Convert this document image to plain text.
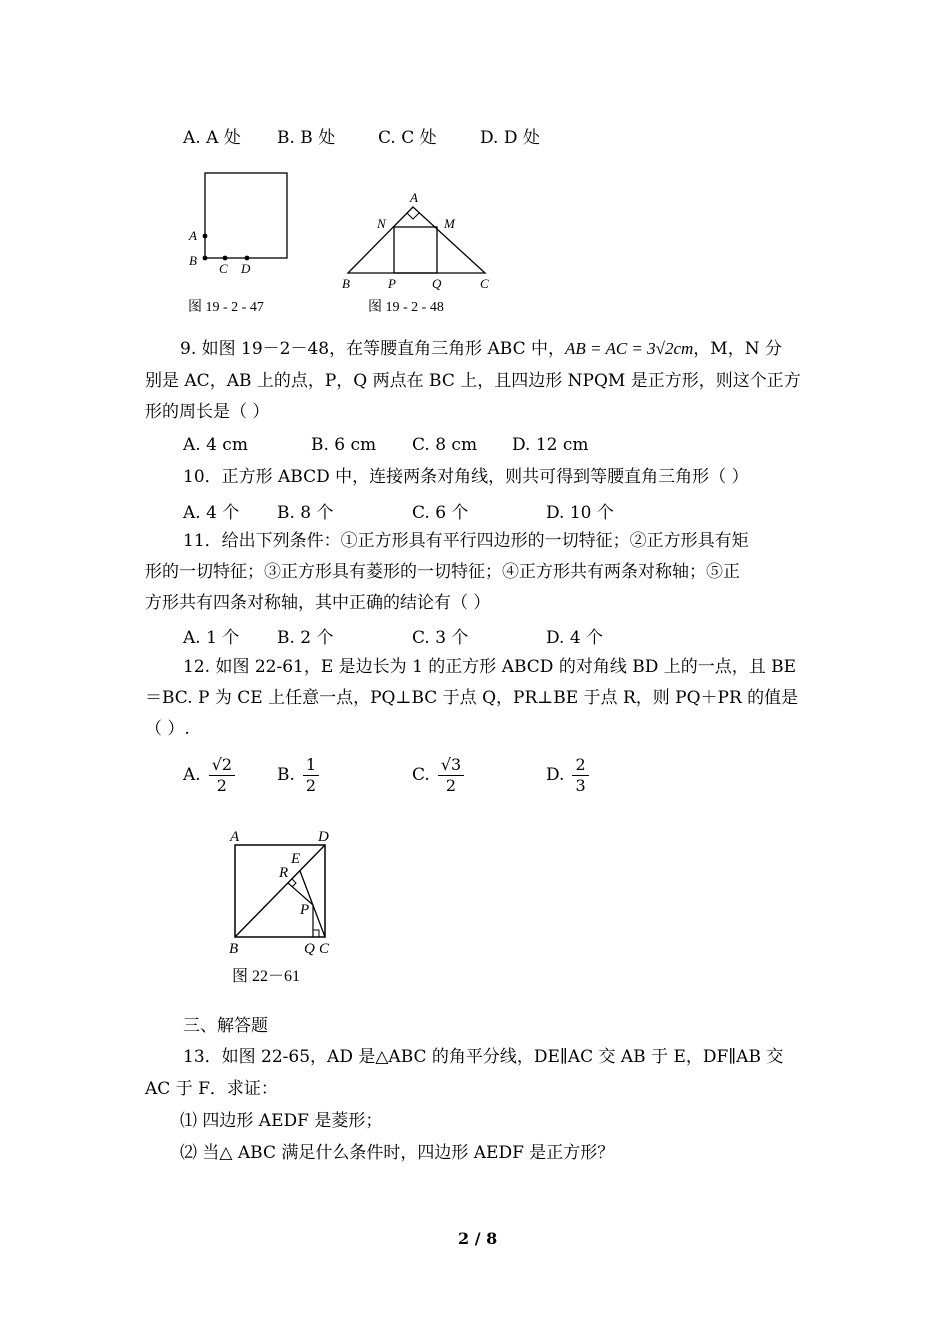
A. A 处 B. B 处	C. C 处	D. D 处
A
B
C D
图 19 - 2 - 47
A
N	M
B	P	Q	C
图 19 - 2 - 48
9. 如图 19－2－48，在等腰直角三角形 ABC 中，AB = AC = 3√2cm，M，N 分
别是 AC，AB 上的点，P，Q 两点在 BC 上，且四边形 NPQM 是正方形，则这个正方
形的周长是（ ）
A. 4 cm	B. 6 cm C. 8 cm D. 12 cm
10．正方形 ABCD 中，连接两条对角线，则共可得到等腰直角三角形（ ）
A. 4 个 B. 8 个	C. 6 个	D. 10 个
11．给出下列条件：①正方形具有平行四边形的一切特征；②正方形具有矩
形的一切特征；③正方形具有菱形的一切特征；④正方形共有两条对称轴；⑤正
方形共有四条对称轴，其中正确的结论有（ ）
A. 1 个 B. 2 个	C. 3 个	D. 4 个
12. 如图 22-61，E 是边长为 1 的正方形 ABCD 的对角线 BD 上的一点，且 BE
＝BC. P 为 CE 上任意一点，PQ⊥BC 于点 Q，PR⊥BE 于点 R，则 PQ＋PR 的值是
（ ）.
A. $\frac{√2}{2} B$. $\frac{1}{2}$	C. $\frac{√3}{2}$	D. $\frac{2}{3}$
A	D
E
R
P
B	Q C
图 22－61
三、解答题
13．如图 22-65，AD 是△ABC 的角平分线，DE∥AC 交 AB 于 E，DF∥AB 交
AC 于 F．求证：
⑴ 四边形 AEDF 是菱形；
⑵ 当△ ABC 满足什么条件时，四边形 AEDF 是正方形？
2 / 8
